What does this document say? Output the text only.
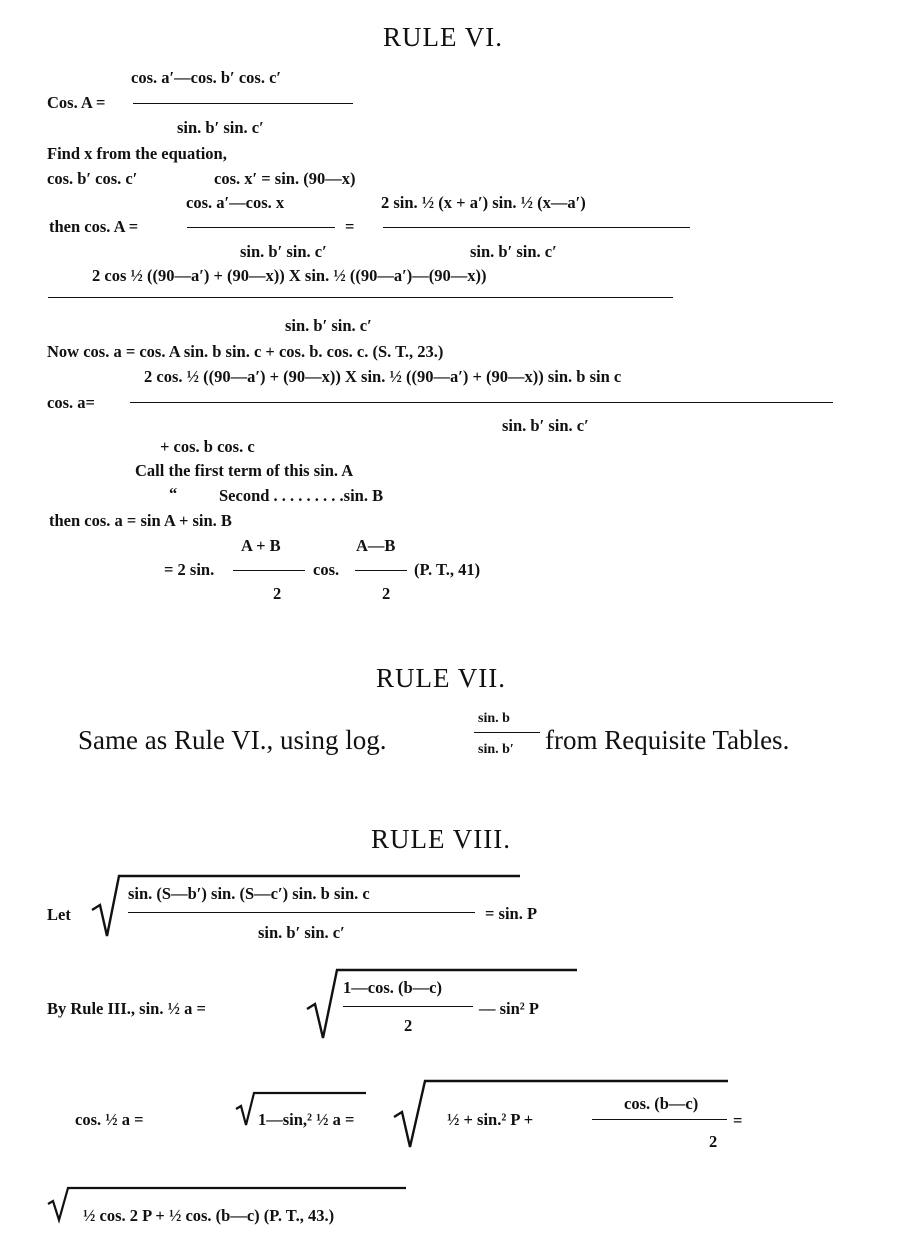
RULE VI.
cos. a′—cos. b′ cos. c′
Cos. A =
sin. b′ sin. c′
Find x from the equation,
cos. b′ cos. c′	cos. x′ = sin. (90—x)
cos. a′—cos. x	2 sin. ½ (x + a′) sin. ½ (x—a′)
then cos. A =	=
sin. b′ sin. c′	sin. b′ sin. c′
2 cos ½ ((90—a′) + (90—x)) X sin. ½ ((90—a′)—(90—x))
sin. b′ sin. c′
Now cos. a = cos. A sin. b sin. c + cos. b. cos. c. (S. T., 23.)
2 cos. ½ ((90—a′) + (90—x)) X sin. ½ ((90—a′) + (90—x)) sin. b sin c
cos. a=
sin. b′ sin. c′
+ cos. b cos. c
Call the first term of this sin. A
“	Second . . . . . . . . .sin. B
then cos. a = sin A + sin. B
A + B	A—B
= 2 sin.	cos.	(P. T., 41)
2	2
RULE VII.
Same as Rule VI., using log.
sin. b
sin. b′ from Requisite Tables.
RULE VIII.
Let
sin. (S—b′) sin. (S—c′) sin. b sin. c
sin. b′ sin. c′
= sin. P
By Rule III., sin. ½ a =
1—cos. (b—c)
2
— sin² P
cos. ½ a =	1—sin,² ½ a =	½ + sin.² P +
cos. (b—c)
2
=
½ cos. 2 P + ½ cos. (b—c) (P. T., 43.)
